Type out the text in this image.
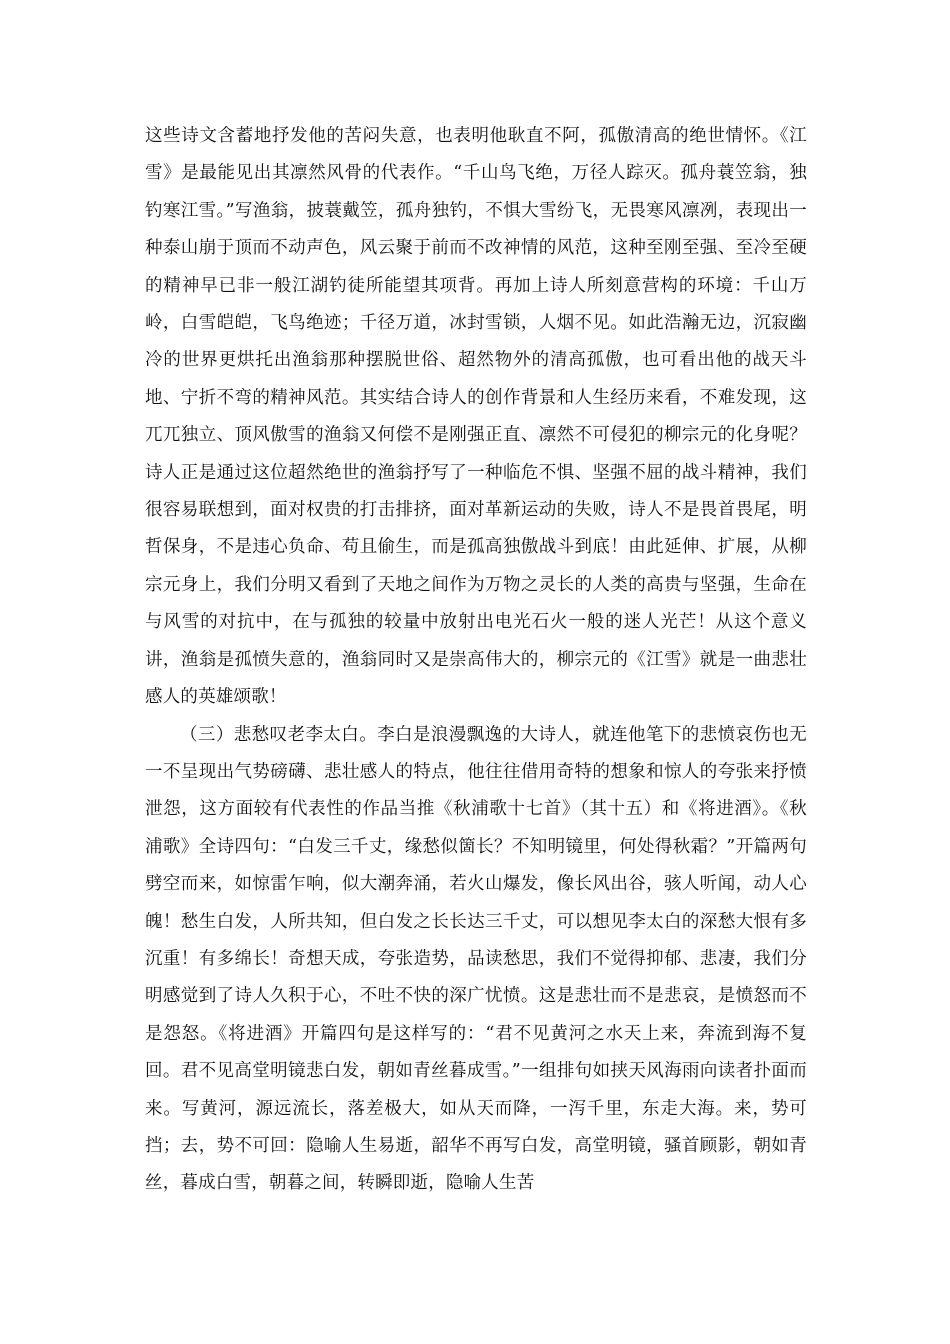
这些诗文含蓄地抒发他的苦闷失意，也表明他耿直不阿，孤傲清高的绝世情怀。《江雪》是最能见出其凛然风骨的代表作。“千山鸟飞绝，万径人踪灭。孤舟蓑笠翁，独钓寒江雪。”写渔翁，披蓑戴笠，孤舟独钓，不惧大雪纷飞，无畏寒风凛冽，表现出一种泰山崩于顶而不动声色，风云聚于前而不改神情的风范，这种至刚至强、至冷至硬的精神早已非一般江湖钓徒所能望其项背。再加上诗人所刻意营构的环境：千山万岭，白雪皑皑，飞鸟绝迹；千径万道，冰封雪锁，人烟不见。如此浩瀚无边，沉寂幽冷的世界更烘托出渔翁那种摆脱世俗、超然物外的清高孤傲，也可看出他的战天斗地、宁折不弯的精神风范。其实结合诗人的创作背景和人生经历来看，不难发现，这兀兀独立、顶风傲雪的渔翁又何偿不是刚强正直、凛然不可侵犯的柳宗元的化身呢？诗人正是通过这位超然绝世的渔翁抒写了一种临危不惧、坚强不屈的战斗精神，我们很容易联想到，面对权贵的打击排挤，面对革新运动的失败，诗人不是畏首畏尾，明哲保身，不是违心负命、苟且偷生，而是孤高独傲战斗到底！由此延伸、扩展，从柳宗元身上，我们分明又看到了天地之间作为万物之灵长的人类的高贵与坚强，生命在与风雪的对抗中，在与孤独的较量中放射出电光石火一般的迷人光芒！从这个意义讲，渔翁是孤愤失意的，渔翁同时又是崇高伟大的，柳宗元的《江雪》就是一曲悲壮感人的英雄颂歌！

（三）悲愁叹老李太白。李白是浪漫飘逸的大诗人，就连他笔下的悲愤哀伤也无一不呈现出气势磅礴、悲壮感人的特点，他往往借用奇特的想象和惊人的夸张来抒愤泄怨，这方面较有代表性的作品当推《秋浦歌十七首》（其十五）和《将进酒》。《秋浦歌》全诗四句：“白发三千丈，缘愁似箇长？不知明镜里，何处得秋霜？”开篇两句劈空而来，如惊雷乍响，似大潮奔涌，若火山爆发，像长风出谷，骇人听闻，动人心魄！愁生白发，人所共知，但白发之长长达三千丈，可以想见李太白的深愁大恨有多沉重！有多绵长！奇想天成，夸张造势，品读愁思，我们不觉得抑郁、悲凄，我们分明感觉到了诗人久积于心，不吐不快的深广忧愤。这是悲壮而不是悲哀，是愤怒而不是怨怒。《将进酒》开篇四句是这样写的：“君不见黄河之水天上来，奔流到海不复回。君不见高堂明镜悲白发，朝如青丝暮成雪。”一组排句如挟天风海雨向读者扑面而来。写黄河，源远流长，落差极大，如从天而降，一泻千里，东走大海。来，势可挡；去，势不可回：隐喻人生易逝，韶华不再写白发，高堂明镜，骚首顾影，朝如青丝，暮成白雪，朝暮之间，转瞬即逝，隐喻人生苦
